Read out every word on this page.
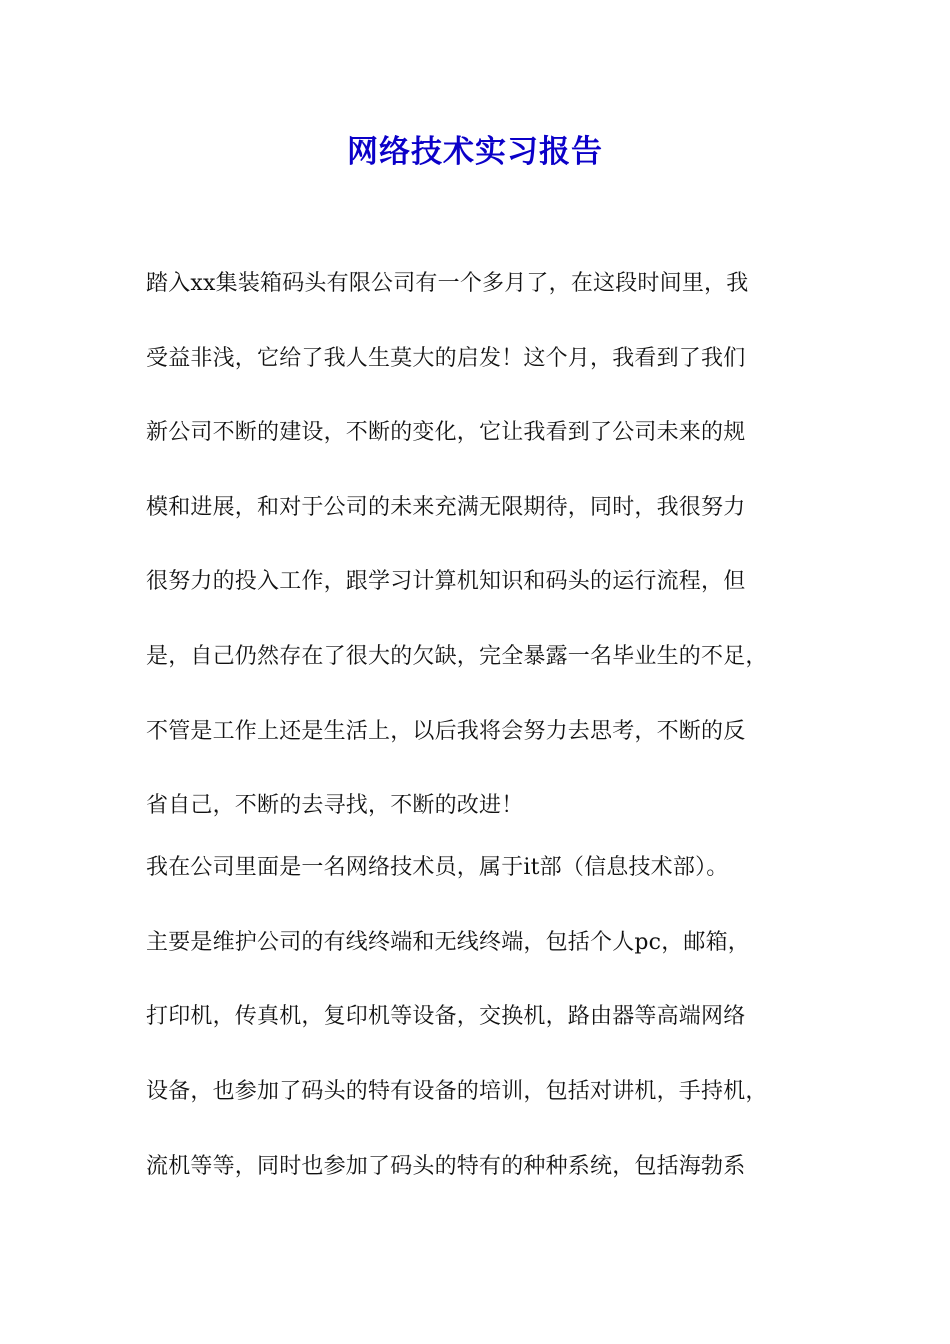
网络技术实习报告
踏入xx集装箱码头有限公司有一个多月了，在这段时间里，我
受益非浅，它给了我人生莫大的启发！这个月，我看到了我们
新公司不断的建设，不断的变化，它让我看到了公司未来的规
模和进展，和对于公司的未来充满无限期待，同时，我很努力
很努力的投入工作，跟学习计算机知识和码头的运行流程，但
是，自己仍然存在了很大的欠缺，完全暴露一名毕业生的不足，
不管是工作上还是生活上，以后我将会努力去思考，不断的反
省自己，不断的去寻找，不断的改进！
我在公司里面是一名网络技术员，属于it部（信息技术部）。
主要是维护公司的有线终端和无线终端，包括个人pc，邮箱，
打印机，传真机，复印机等设备，交换机，路由器等高端网络
设备，也参加了码头的特有设备的培训，包括对讲机，手持机，
流机等等，同时也参加了码头的特有的种种系统，包括海勃系
